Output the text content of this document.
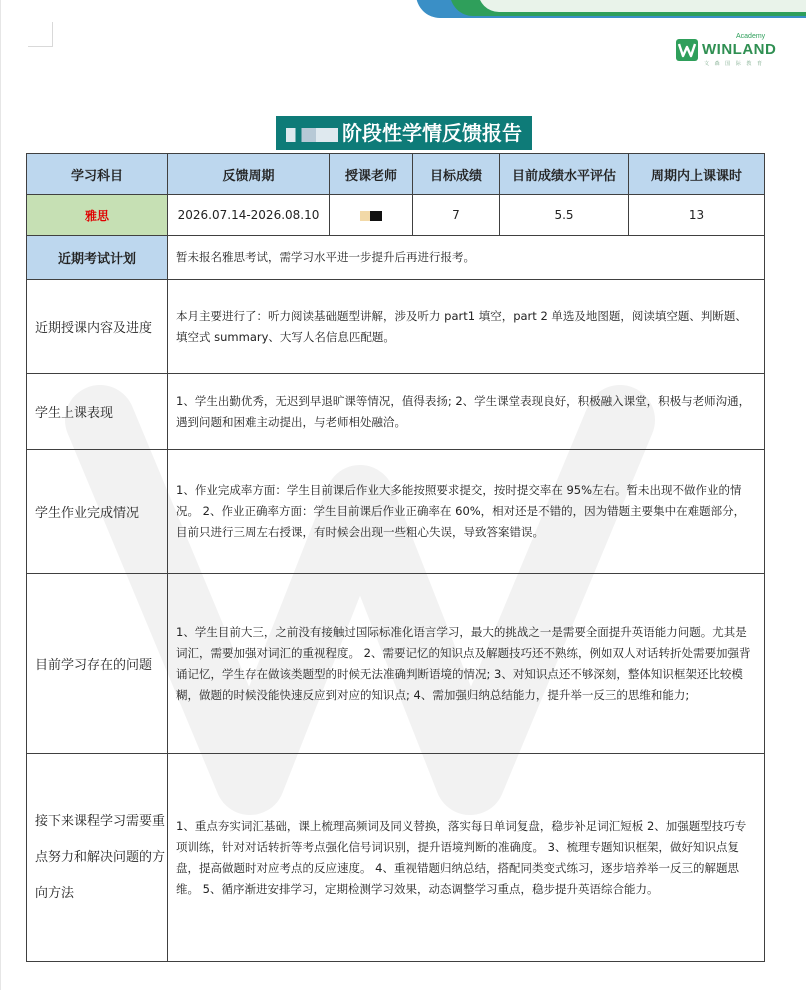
Academy
WINLAND
文 森 国 际 教 育
阶段性学情反馈报告
学习科目	反馈周期	授课老师	目标成绩	目前成绩水平评估	周期内上课课时
雅思	2026.07.14-2026.08.10		7	5.5	13
近期考试计划	暂未报名雅思考试，需学习水平进一步提升后再进行报考。				
近期授课内容及进度	本月主要进行了：听力阅读基础题型讲解，涉及听力 part1 填空，part 2 单选及地图题，阅读填空题、判断题、填空式 summary、大写人名信息匹配题。				
学生上课表现	1、学生出勤优秀，无迟到早退旷课等情况，值得表扬; 2、学生课堂表现良好，积极融入课堂，积极与老师沟通，遇到问题和困难主动提出，与老师相处融洽。				
学生作业完成情况	1、作业完成率方面：学生目前课后作业大多能按照要求提交，按时提交率在 95%左右。暂未出现不做作业的情况。 2、作业正确率方面：学生目前课后作业正确率在 60%，相对还是不错的，因为错题主要集中在难题部分，目前只进行三周左右授课，有时候会出现一些粗心失误，导致答案错误。				
目前学习存在的问题	1、学生目前大三，之前没有接触过国际标准化语言学习，最大的挑战之一是需要全面提升英语能力问题。尤其是词汇，需要加强对词汇的重视程度。 2、需要记忆的知识点及解题技巧还不熟练，例如双人对话转折处需要加强背诵记忆，学生存在做该类题型的时候无法准确判断语境的情况; 3、对知识点还不够深刻，整体知识框架还比较模糊，做题的时候没能快速反应到对应的知识点; 4、需加强归纳总结能力，提升举一反三的思维和能力;				
接下来课程学习需要重点努力和解决问题的方向方法	1、重点夯实词汇基础，课上梳理高频词及同义替换，落实每日单词复盘，稳步补足词汇短板 2、加强题型技巧专项训练，针对对话转折等考点强化信号词识别，提升语境判断的准确度。 3、梳理专题知识框架，做好知识点复盘，提高做题时对应考点的反应速度。 4、重视错题归纳总结，搭配同类变式练习，逐步培养举一反三的解题思维。 5、循序渐进安排学习，定期检测学习效果，动态调整学习重点，稳步提升英语综合能力。				
